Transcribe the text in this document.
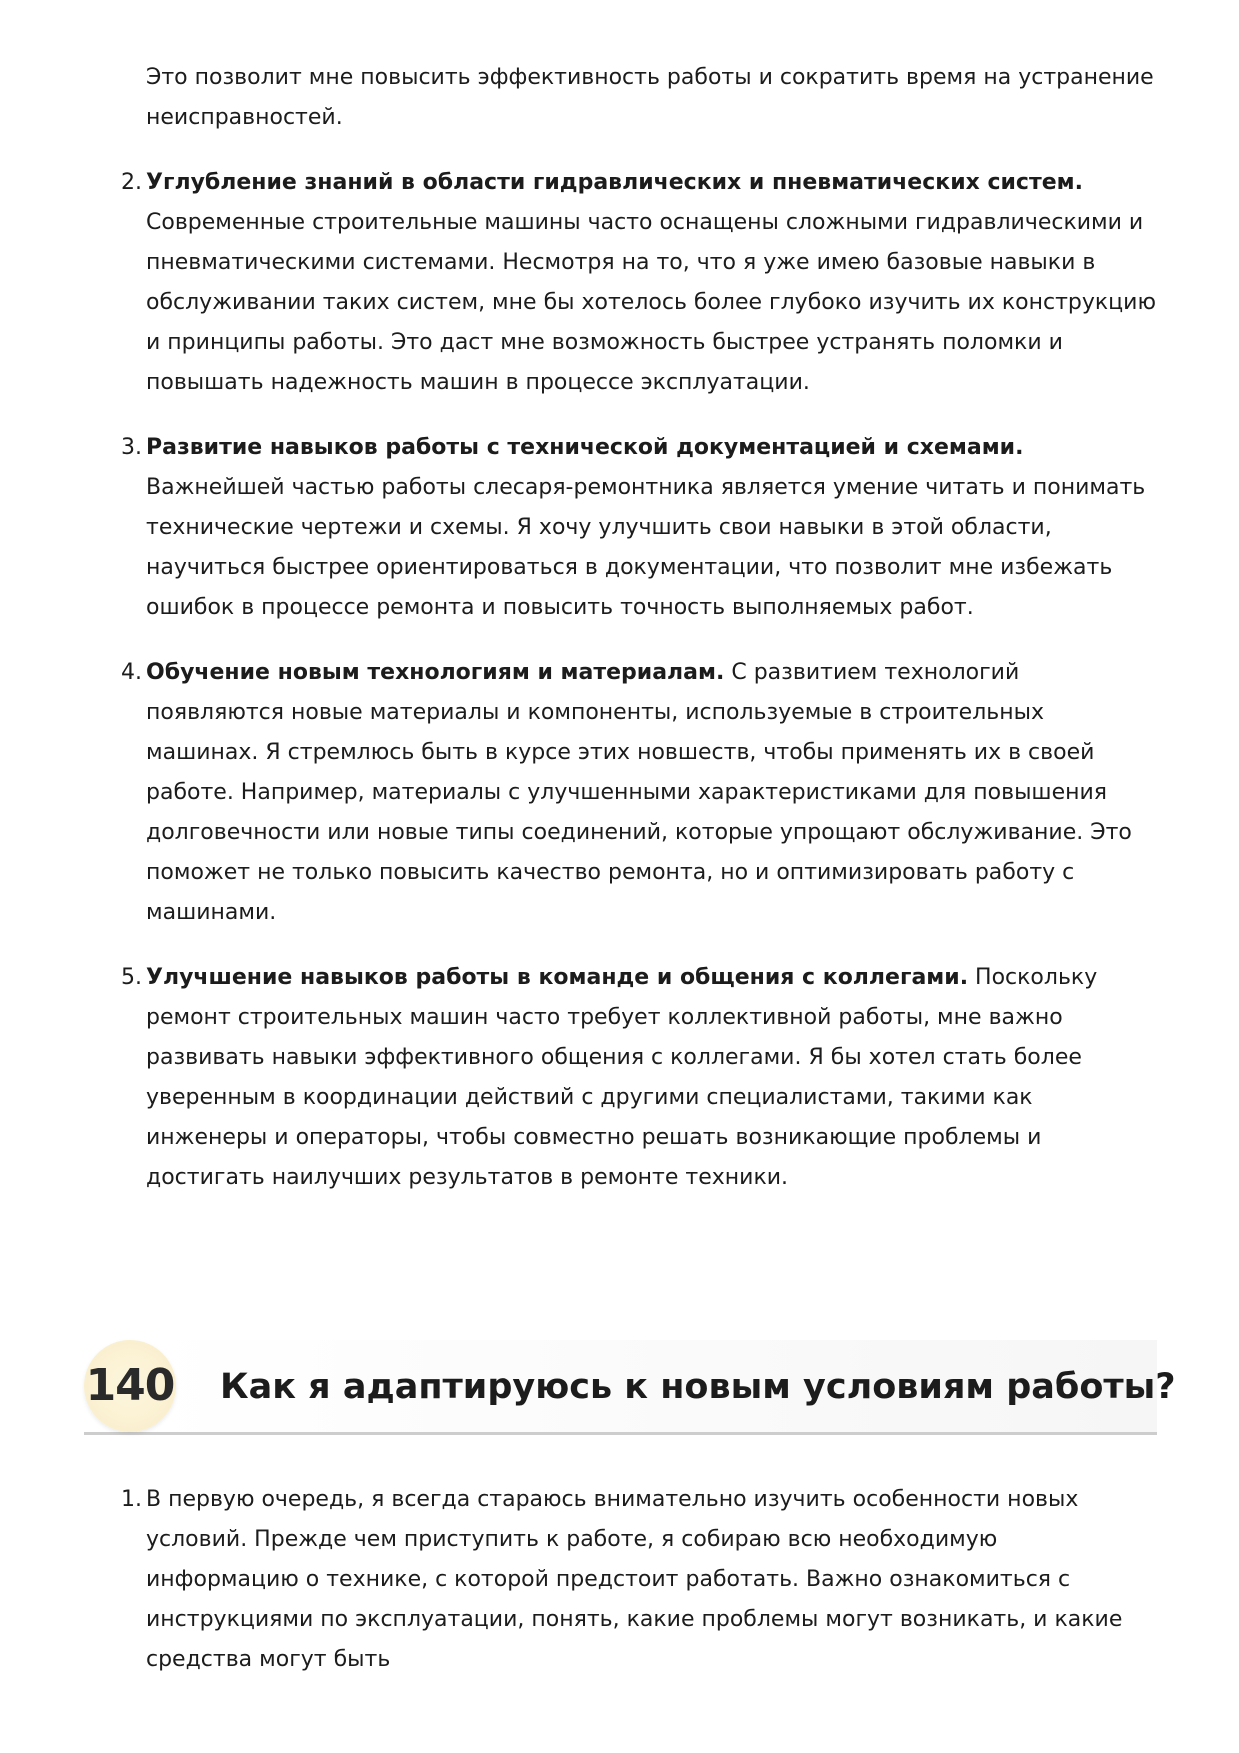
Это позволит мне повысить эффективность работы и сократить время на устранение неисправностей.

2. Углубление знаний в области гидравлических и пневматических систем.
Современные строительные машины часто оснащены сложными гидравлическими и пневматическими системами. Несмотря на то, что я уже имею базовые навыки в обслуживании таких систем, мне бы хотелось более глубоко изучить их конструкцию и принципы работы. Это даст мне возможность быстрее устранять поломки и повышать надежность машин в процессе эксплуатации.
3. Развитие навыков работы с технической документацией и схемами. Важнейшей частью работы слесаря-ремонтника является умение читать и понимать технические чертежи и схемы. Я хочу улучшить свои навыки в этой области, научиться быстрее ориентироваться в документации, что позволит мне избежать ошибок в процессе ремонта и повысить точность выполняемых работ.
4. Обучение новым технологиям и материалам. С развитием технологий появляются новые материалы и компоненты, используемые в строительных машинах. Я стремлюсь быть в курсе этих новшеств, чтобы применять их в своей работе. Например, материалы с улучшенными характеристиками для повышения долговечности или новые типы соединений, которые упрощают обслуживание. Это поможет не только повысить качество ремонта, но и оптимизировать работу с машинами.
5. Улучшение навыков работы в команде и общения с коллегами. Поскольку ремонт строительных машин часто требует коллективной работы, мне важно развивать навыки эффективного общения с коллегами. Я бы хотел стать более уверенным в координации действий с другими специалистами, такими как инженеры и операторы, чтобы совместно решать возникающие проблемы и достигать наилучших результатов в ремонте техники.
140 Как я адаптируюсь к новым условиям работы?
1. В первую очередь, я всегда стараюсь внимательно изучить особенности новых условий. Прежде чем приступить к работе, я собираю всю необходимую информацию о технике, с которой предстоит работать. Важно ознакомиться с инструкциями по эксплуатации, понять, какие проблемы могут возникать, и какие средства могут быть
